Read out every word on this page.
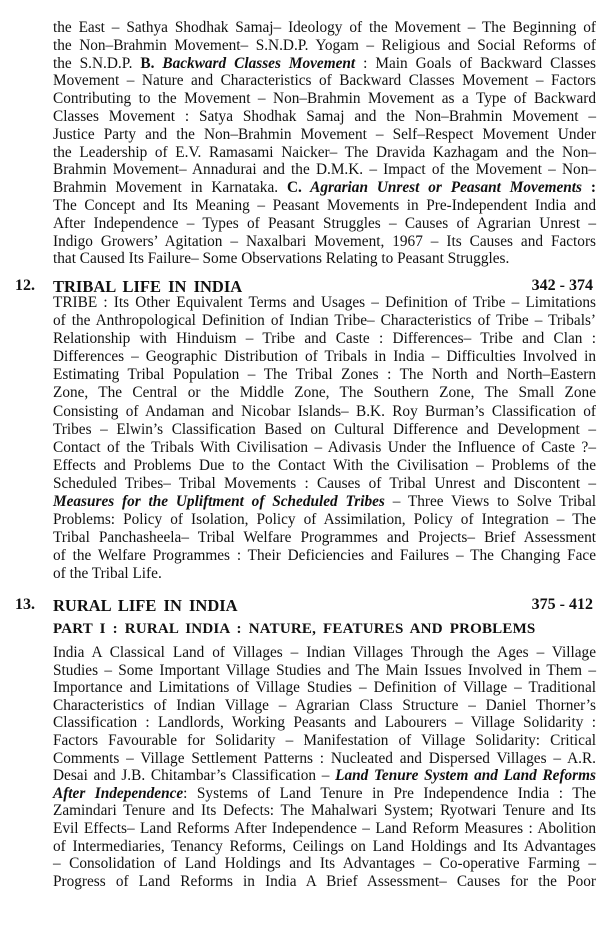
the East – Sathya Shodhak Samaj– Ideology of the Movement – The Beginning of
the Non–Brahmin Movement– S.N.D.P. Yogam – Religious and Social Reforms of
the S.N.D.P. B. Backward Classes Movement : Main Goals of Backward Classes
Movement – Nature and Characteristics of Backward Classes Movement – Factors
Contributing to the Movement – Non–Brahmin Movement as a Type of Backward
Classes Movement : Satya Shodhak Samaj and the Non–Brahmin Movement –
Justice Party and the Non–Brahmin Movement – Self–Respect Movement Under
the Leadership of E.V. Ramasami Naicker– The Dravida Kazhagam and the Non–
Brahmin Movement– Annadurai and the D.M.K. – Impact of the Movement – Non–
Brahmin Movement in Karnataka. C. Agrarian Unrest or Peasant Movements :
The Concept and Its Meaning – Peasant Movements in Pre-Independent India and
After Independence – Types of Peasant Struggles – Causes of Agrarian Unrest –
Indigo Growers’ Agitation – Naxalbari Movement, 1967 – Its Causes and Factors
that Caused Its Failure– Some Observations Relating to Peasant Struggles.
12. TRIBAL LIFE IN INDIA	342 - 374
TRIBE : Its Other Equivalent Terms and Usages – Definition of Tribe – Limitations
of the Anthropological Definition of Indian Tribe– Characteristics of Tribe – Tribals’
Relationship with Hinduism – Tribe and Caste : Differences– Tribe and Clan :
Differences – Geographic Distribution of Tribals in India – Difficulties Involved in
Estimating Tribal Population – The Tribal Zones : The North and North–Eastern
Zone, The Central or the Middle Zone, The Southern Zone, The Small Zone
Consisting of Andaman and Nicobar Islands– B.K. Roy Burman’s Classification of
Tribes – Elwin’s Classification Based on Cultural Difference and Development –
Contact of the Tribals With Civilisation – Adivasis Under the Influence of Caste ?–
Effects and Problems Due to the Contact With the Civilisation – Problems of the
Scheduled Tribes– Tribal Movements : Causes of Tribal Unrest and Discontent –
Measures for the Upliftment of Scheduled Tribes – Three Views to Solve Tribal
Problems: Policy of Isolation, Policy of Assimilation, Policy of Integration – The
Tribal Panchasheela– Tribal Welfare Programmes and Projects– Brief Assessment
of the Welfare Programmes : Their Deficiencies and Failures – The Changing Face
of the Tribal Life.
13. RURAL LIFE IN INDIA	375 - 412
PART I : RURAL INDIA : NATURE, FEATURES AND PROBLEMS
India A Classical Land of Villages – Indian Villages Through the Ages – Village
Studies – Some Important Village Studies and The Main Issues Involved in Them –
Importance and Limitations of Village Studies – Definition of Village – Traditional
Characteristics of Indian Village – Agrarian Class Structure – Daniel Thorner’s
Classification : Landlords, Working Peasants and Labourers – Village Solidarity :
Factors Favourable for Solidarity – Manifestation of Village Solidarity: Critical
Comments – Village Settlement Patterns : Nucleated and Dispersed Villages – A.R.
Desai and J.B. Chitambar’s Classification – Land Tenure System and Land Reforms
After Independence: Systems of Land Tenure in Pre Independence India : The
Zamindari Tenure and Its Defects: The Mahalwari System; Ryotwari Tenure and Its
Evil Effects– Land Reforms After Independence – Land Reform Measures : Abolition
of Intermediaries, Tenancy Reforms, Ceilings on Land Holdings and Its Advantages
– Consolidation of Land Holdings and Its Advantages – Co-operative Farming –
Progress of Land Reforms in India A Brief Assessment– Causes for the Poor
